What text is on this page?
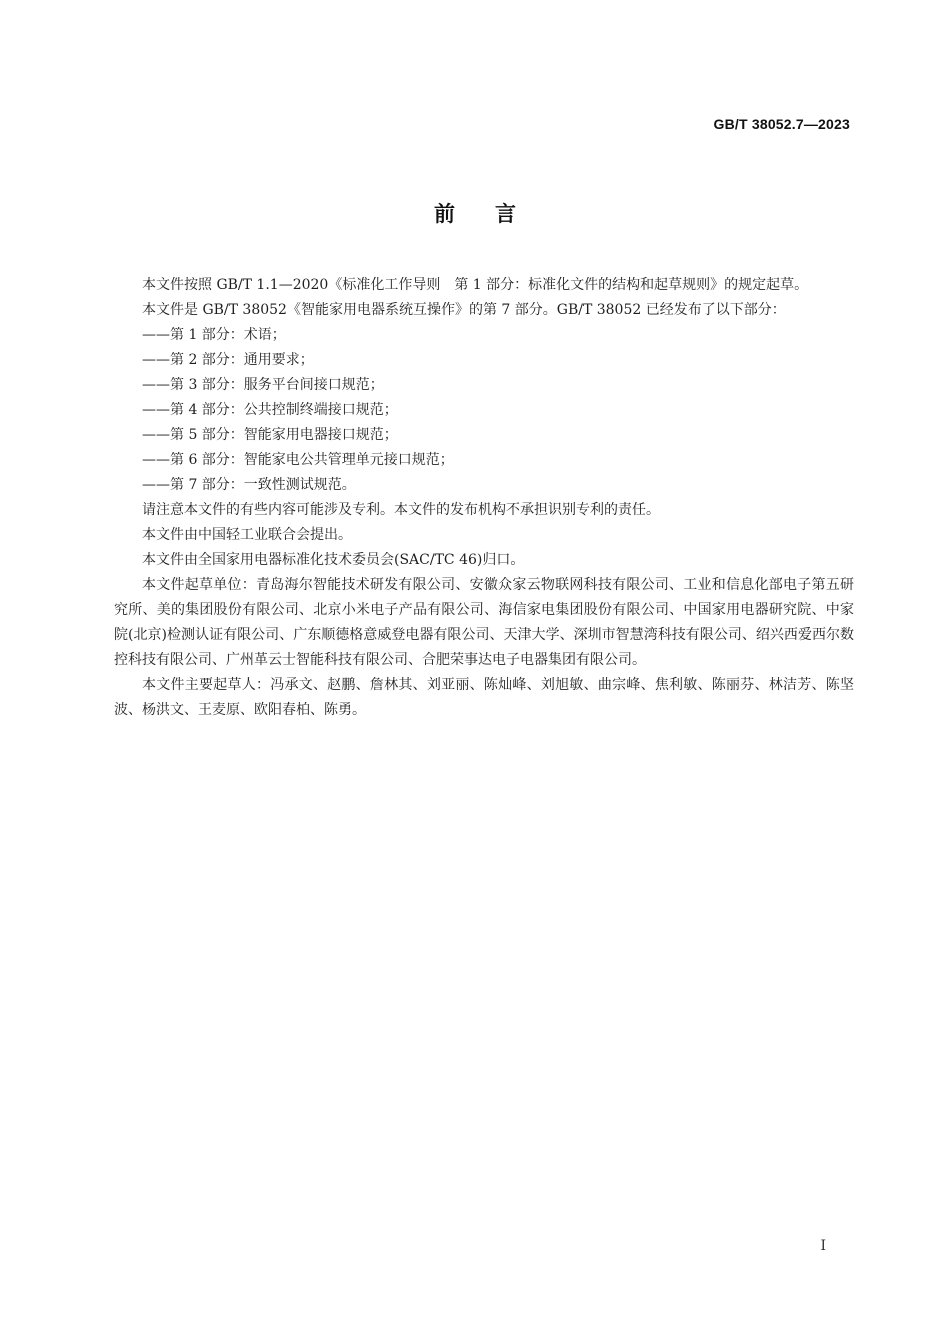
GB/T 38052.7—2023
前言

本文件按照 GB/T 1.1—2020《标准化工作导则　第 1 部分：标准化文件的结构和起草规则》的规定起草。

本文件是 GB/T 38052《智能家用电器系统互操作》的第 7 部分。GB/T 38052 已经发布了以下部分：

——第 1 部分：术语；
——第 2 部分：通用要求；
——第 3 部分：服务平台间接口规范；
——第 4 部分：公共控制终端接口规范；
——第 5 部分：智能家用电器接口规范；
——第 6 部分：智能家电公共管理单元接口规范；
——第 7 部分：一致性测试规范。

请注意本文件的有些内容可能涉及专利。本文件的发布机构不承担识别专利的责任。

本文件由中国轻工业联合会提出。

本文件由全国家用电器标准化技术委员会(SAC/TC 46)归口。

本文件起草单位：青岛海尔智能技术研发有限公司、安徽众家云物联网科技有限公司、工业和信息化部电子第五研究所、美的集团股份有限公司、北京小米电子产品有限公司、海信家电集团股份有限公司、中国家用电器研究院、中家院(北京)检测认证有限公司、广东顺德格意威登电器有限公司、天津大学、深圳市智慧湾科技有限公司、绍兴西爱西尔数控科技有限公司、广州革云士智能科技有限公司、合肥荣事达电子电器集团有限公司。

本文件主要起草人：冯承文、赵鹏、詹林其、刘亚丽、陈灿峰、刘旭敏、曲宗峰、焦利敏、陈丽芬、林洁芳、陈坚波、杨洪文、王麦原、欧阳春柏、陈勇。

I
